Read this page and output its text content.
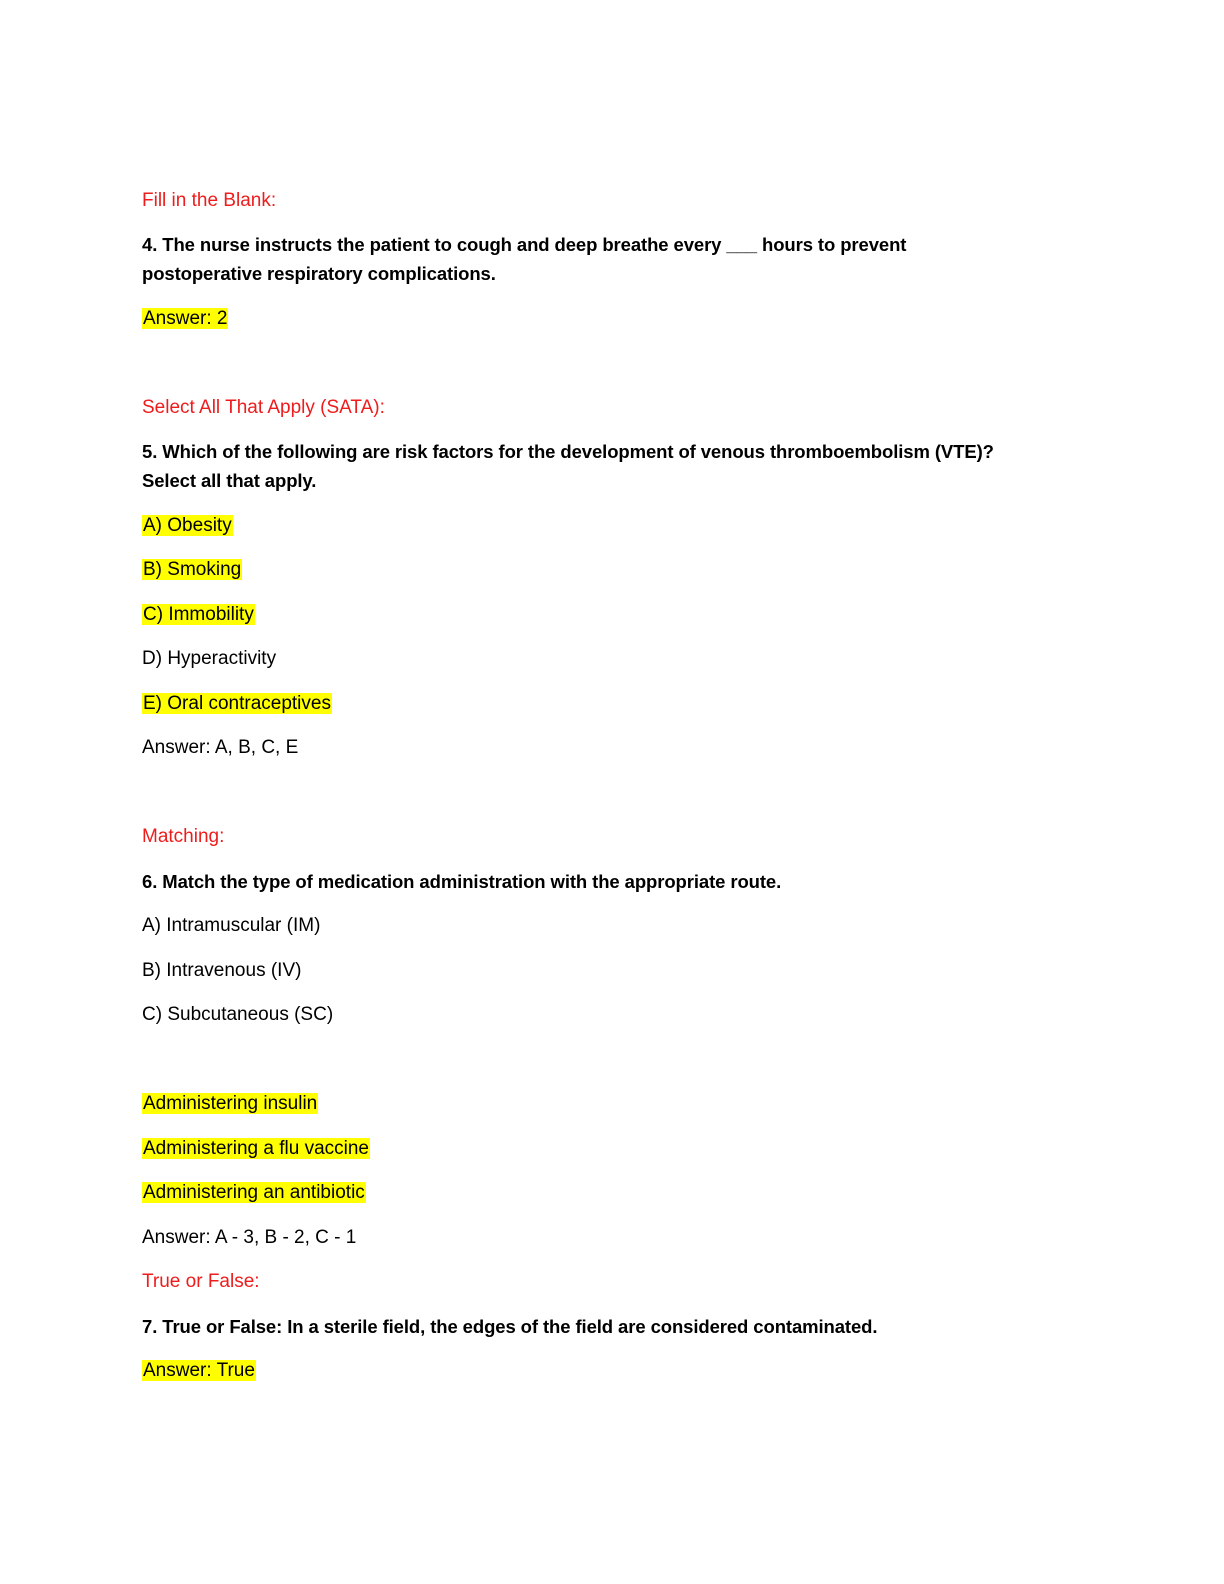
Fill in the Blank:
4. The nurse instructs the patient to cough and deep breathe every ___ hours to prevent
postoperative respiratory complications.
Answer: 2
Select All That Apply (SATA):
5. Which of the following are risk factors for the development of venous thromboembolism (VTE)?
Select all that apply.
A) Obesity
B) Smoking
C) Immobility
D) Hyperactivity
E) Oral contraceptives
Answer: A, B, C, E
Matching:
6. Match the type of medication administration with the appropriate route.
A) Intramuscular (IM)
B) Intravenous (IV)
C) Subcutaneous (SC)
Administering insulin
Administering a flu vaccine
Administering an antibiotic
Answer: A - 3, B - 2, C - 1
True or False:
7. True or False: In a sterile field, the edges of the field are considered contaminated.
Answer: True
